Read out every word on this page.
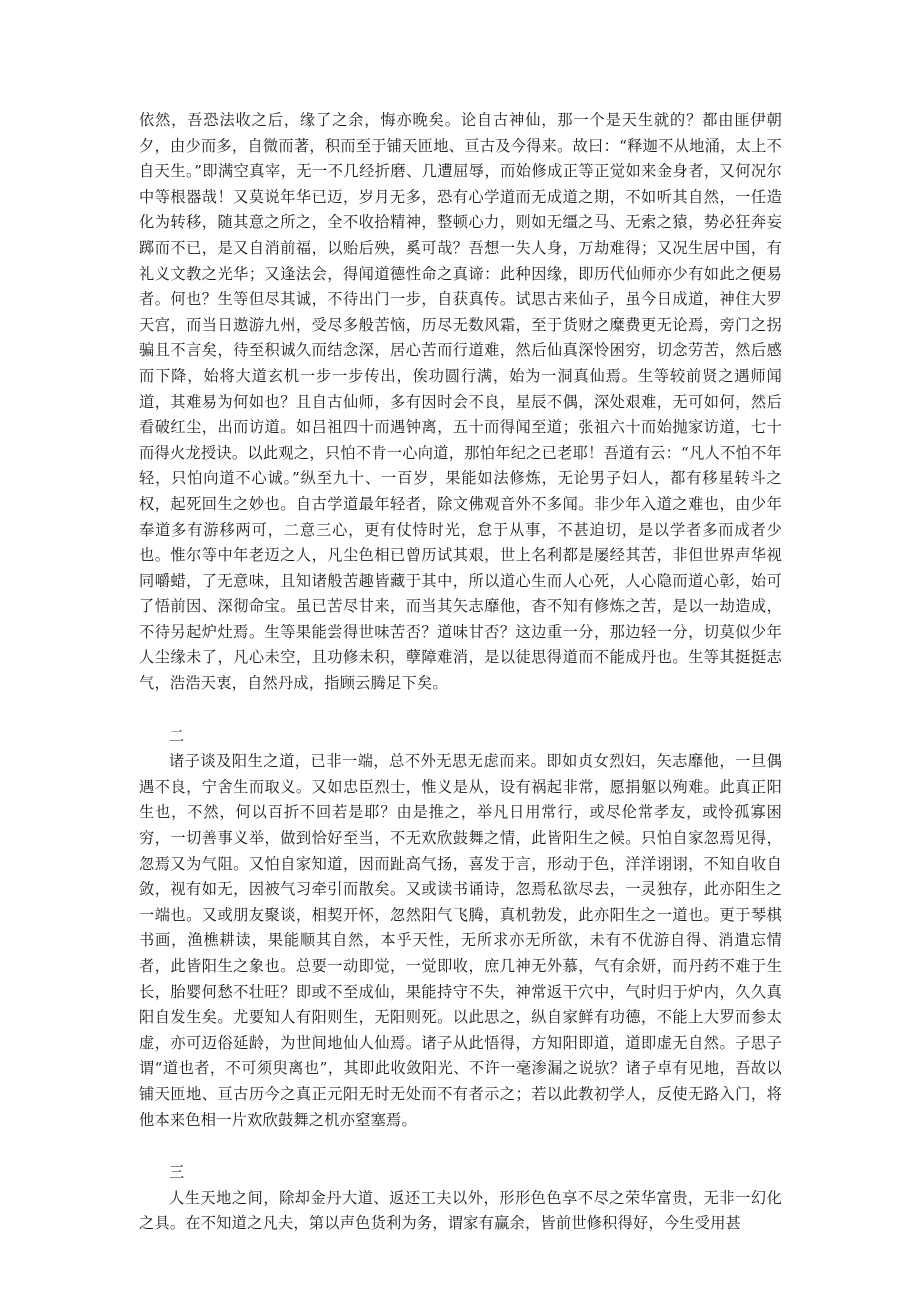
依然，吾恐法收之后，缘了之余，悔亦晚矣。论自古神仙，那一个是天生就的？都由匪伊朝夕，由少而多，自微而著，积而至于铺天匝地、亘古及今得来。故曰：“释迦不从地涌，太上不自天生。”即满空真宰，无一不几经折磨、几遭屈辱，而始修成正等正觉如来金身者，又何况尔中等根器哉！又莫说年华已迈，岁月无多，恐有心学道而无成道之期，不如听其自然，一任造化为转移，随其意之所之，全不收拾精神，整顿心力，则如无缰之马、无索之猿，势必狂奔妄踯而不已，是又自消前福，以贻后殃，奚可哉？吾想一失人身，万劫难得；又况生居中国，有礼义文教之光华；又逢法会，得闻道德性命之真谛：此种因缘，即历代仙师亦少有如此之便易者。何也？生等但尽其诚，不待出门一步，自获真传。试思古来仙子，虽今日成道，神住大罗天宫，而当日遨游九州，受尽多般苦恼，历尽无数风霜，至于货财之糜费更无论焉，旁门之拐骗且不言矣，待至积诚久而结念深，居心苦而行道难，然后仙真深怜困穷，切念劳苦，然后感而下降，始将大道玄机一步一步传出，俟功圆行满，始为一洞真仙焉。生等较前贤之遇师闻道，其难易为何如也？且自古仙师，多有因时会不良，星辰不偶，深处艰难，无可如何，然后看破红尘，出而访道。如吕祖四十而遇钟离，五十而得闻至道；张祖六十而始抛家访道，七十而得火龙授诀。以此观之，只怕不肯一心向道，那怕年纪之已老耶！吾道有云：“凡人不怕不年轻，只怕向道不心诚。”纵至九十、一百岁，果能如法修炼，无论男子妇人，都有移星转斗之权，起死回生之妙也。自古学道最年轻者，除文佛观音外不多闻。非少年入道之难也，由少年奉道多有游移两可，二意三心，更有仗恃时光，怠于从事，不甚迫切，是以学者多而成者少也。惟尔等中年老迈之人，凡尘色相已曾历试其艰，世上名利都是屡经其苦，非但世界声华视同嚼蜡，了无意味，且知诸般苦趣皆藏于其中，所以道心生而人心死，人心隐而道心彰，始可了悟前因、深彻命宝。虽已苦尽甘来，而当其矢志靡他，杳不知有修炼之苦，是以一劫造成，不待另起炉灶焉。生等果能尝得世味苦否？道味甘否？这边重一分，那边轻一分，切莫似少年人尘缘未了，凡心未空，且功修未积，孽障难消，是以徒思得道而不能成丹也。生等其挺挺志气，浩浩天衷，自然丹成，指顾云腾足下矣。

二

诸子谈及阳生之道，已非一端，总不外无思无虑而来。即如贞女烈妇，矢志靡他，一旦偶遇不良，宁舍生而取义。又如忠臣烈士，惟义是从，设有祸起非常，愿捐躯以殉难。此真正阳生也，不然，何以百折不回若是耶？由是推之，举凡日用常行，或尽伦常孝友，或怜孤寡困穷，一切善事义举，做到恰好至当，不无欢欣鼓舞之情，此皆阳生之候。只怕自家忽焉见得，忽焉又为气阻。又怕自家知道，因而趾高气扬，喜发于言，形动于色，洋洋诩诩，不知自收自敛，视有如无，因被气习牵引而散矣。又或读书诵诗，忽焉私欲尽去，一灵独存，此亦阳生之一端也。又或朋友聚谈，相契开怀，忽然阳气飞腾，真机勃发，此亦阳生之一道也。更于琴棋书画，渔樵耕读，果能顺其自然，本乎天性，无所求亦无所欲，未有不优游自得、消遣忘情者，此皆阳生之象也。总要一动即觉，一觉即收，庶几神无外慕，气有余妍，而丹药不难于生长，胎婴何愁不壮旺？即或不至成仙，果能持守不失，神常返干穴中，气时归于炉内，久久真阳自发生矣。尤要知人有阳则生，无阳则死。以此思之，纵自家鲜有功德，不能上大罗而参太虚，亦可迈俗延龄，为世间地仙人仙焉。诸子从此悟得，方知阳即道，道即虚无自然。子思子谓“道也者，不可须臾离也”，其即此收敛阳光、不许一毫渗漏之说欤？诸子卓有见地，吾故以铺天匝地、亘古历今之真正元阳无时无处而不有者示之；若以此教初学人，反使无路入门，将他本来色相一片欢欣鼓舞之机亦窒塞焉。

三

人生天地之间，除却金丹大道、返还工夫以外，形形色色享不尽之荣华富贵，无非一幻化之具。在不知道之凡夫，第以声色货利为务，谓家有赢余，皆前世修积得好，今生受用甚
